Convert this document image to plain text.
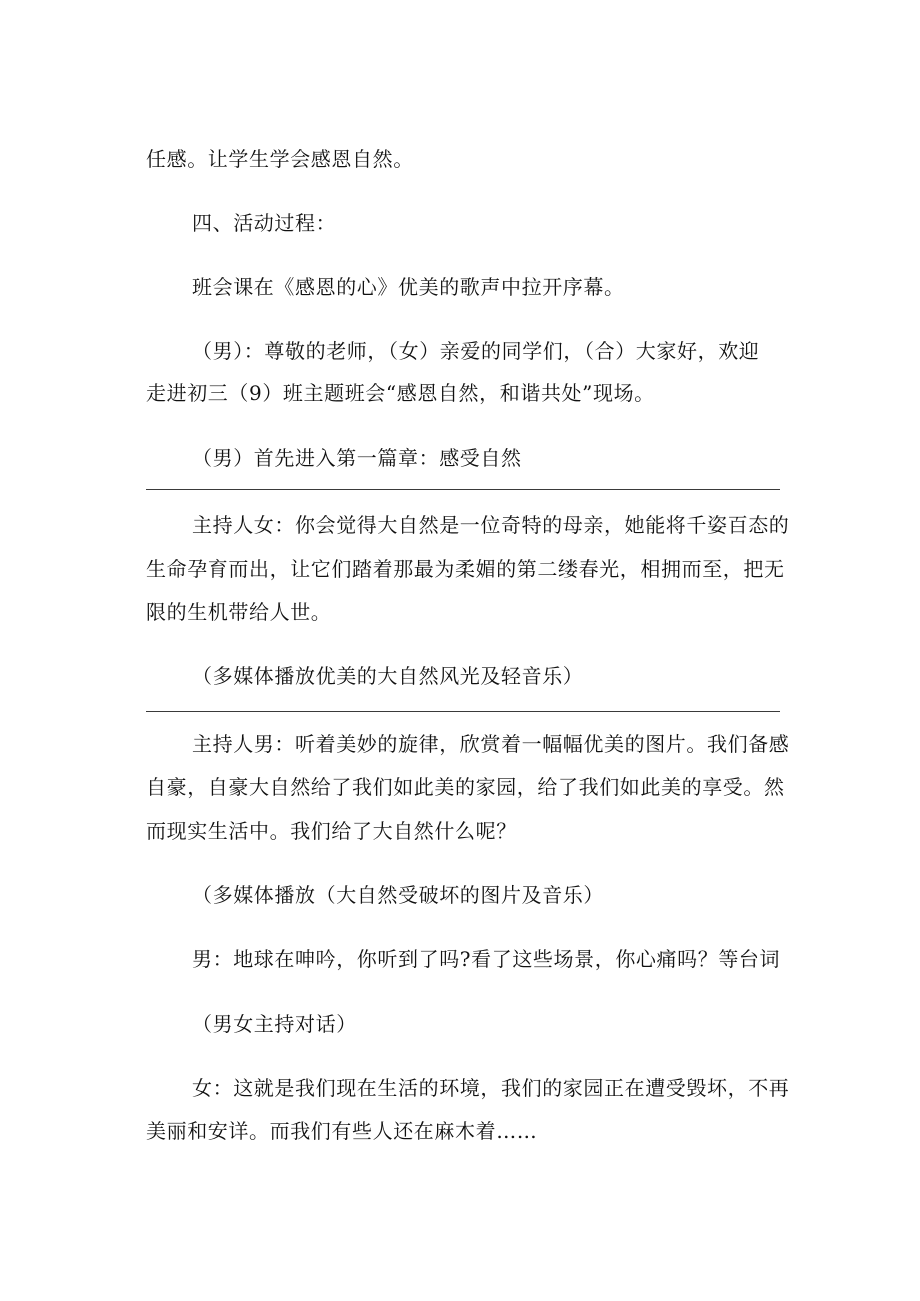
任感。让学生学会感恩自然。
四、活动过程：
班会课在《感恩的心》优美的歌声中拉开序幕。
（男）：尊敬的老师，（女）亲爱的同学们，（合）大家好，欢迎
走进初三（9）班主题班会“感恩自然，和谐共处”现场。
（男）首先进入第一篇章：感受自然
主持人女：你会觉得大自然是一位奇特的母亲，她能将千姿百态的
生命孕育而出，让它们踏着那最为柔媚的第二缕春光，相拥而至，把无
限的生机带给人世。
（多媒体播放优美的大自然风光及轻音乐）
主持人男：听着美妙的旋律，欣赏着一幅幅优美的图片。我们备感
自豪，自豪大自然给了我们如此美的家园，给了我们如此美的享受。然
而现实生活中。我们给了大自然什么呢？
（多媒体播放（大自然受破坏的图片及音乐）
男：地球在呻吟，你听到了吗?看了这些场景，你心痛吗？等台词
（男女主持对话）
女：这就是我们现在生活的环境，我们的家园正在遭受毁坏，不再
美丽和安详。而我们有些人还在麻木着……
